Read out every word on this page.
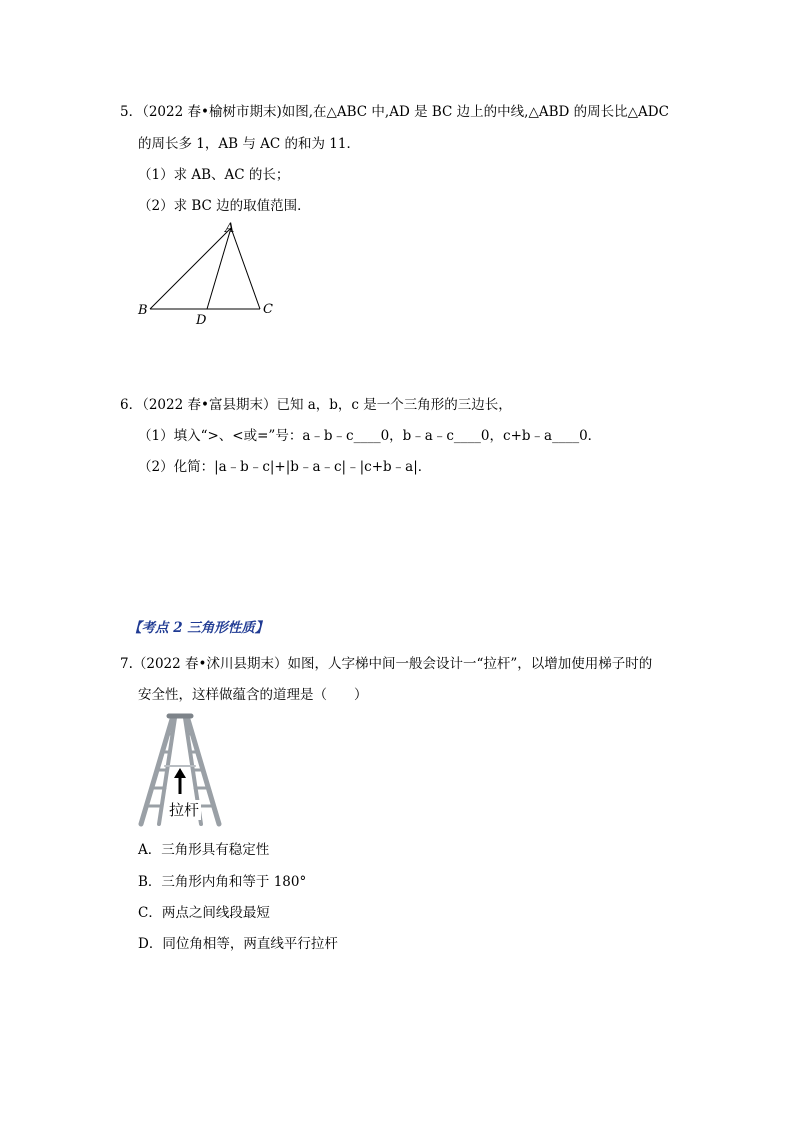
5．（2022 春•榆树市期末)如图,在△ABC 中,AD 是 BC 边上的中线,△ABD 的周长比△ADC
的周长多 1，AB 与 AC 的和为 11．
（1）求 AB、AC 的长；
（2）求 BC 边的取值范围．
A
B	C
D
6．（2022 春•富县期末）已知 a，b，c 是一个三角形的三边长，
（1）填入“>、<或=”号：a﹣b﹣c____0，b﹣a﹣c____0，c+b﹣a____0．
（2）化简：|a﹣b﹣c|+|b﹣a﹣c|﹣|c+b﹣a|．
【考点 2 三角形性质】
7.（2022 春•沭川县期末）如图，人字梯中间一般会设计一“拉杆”，以增加使用梯子时的
安全性，这样做蕴含的道理是（　　）
拉杆
A．三角形具有稳定性
B．三角形内角和等于 180°
C．两点之间线段最短
D．同位角相等，两直线平行拉杆
